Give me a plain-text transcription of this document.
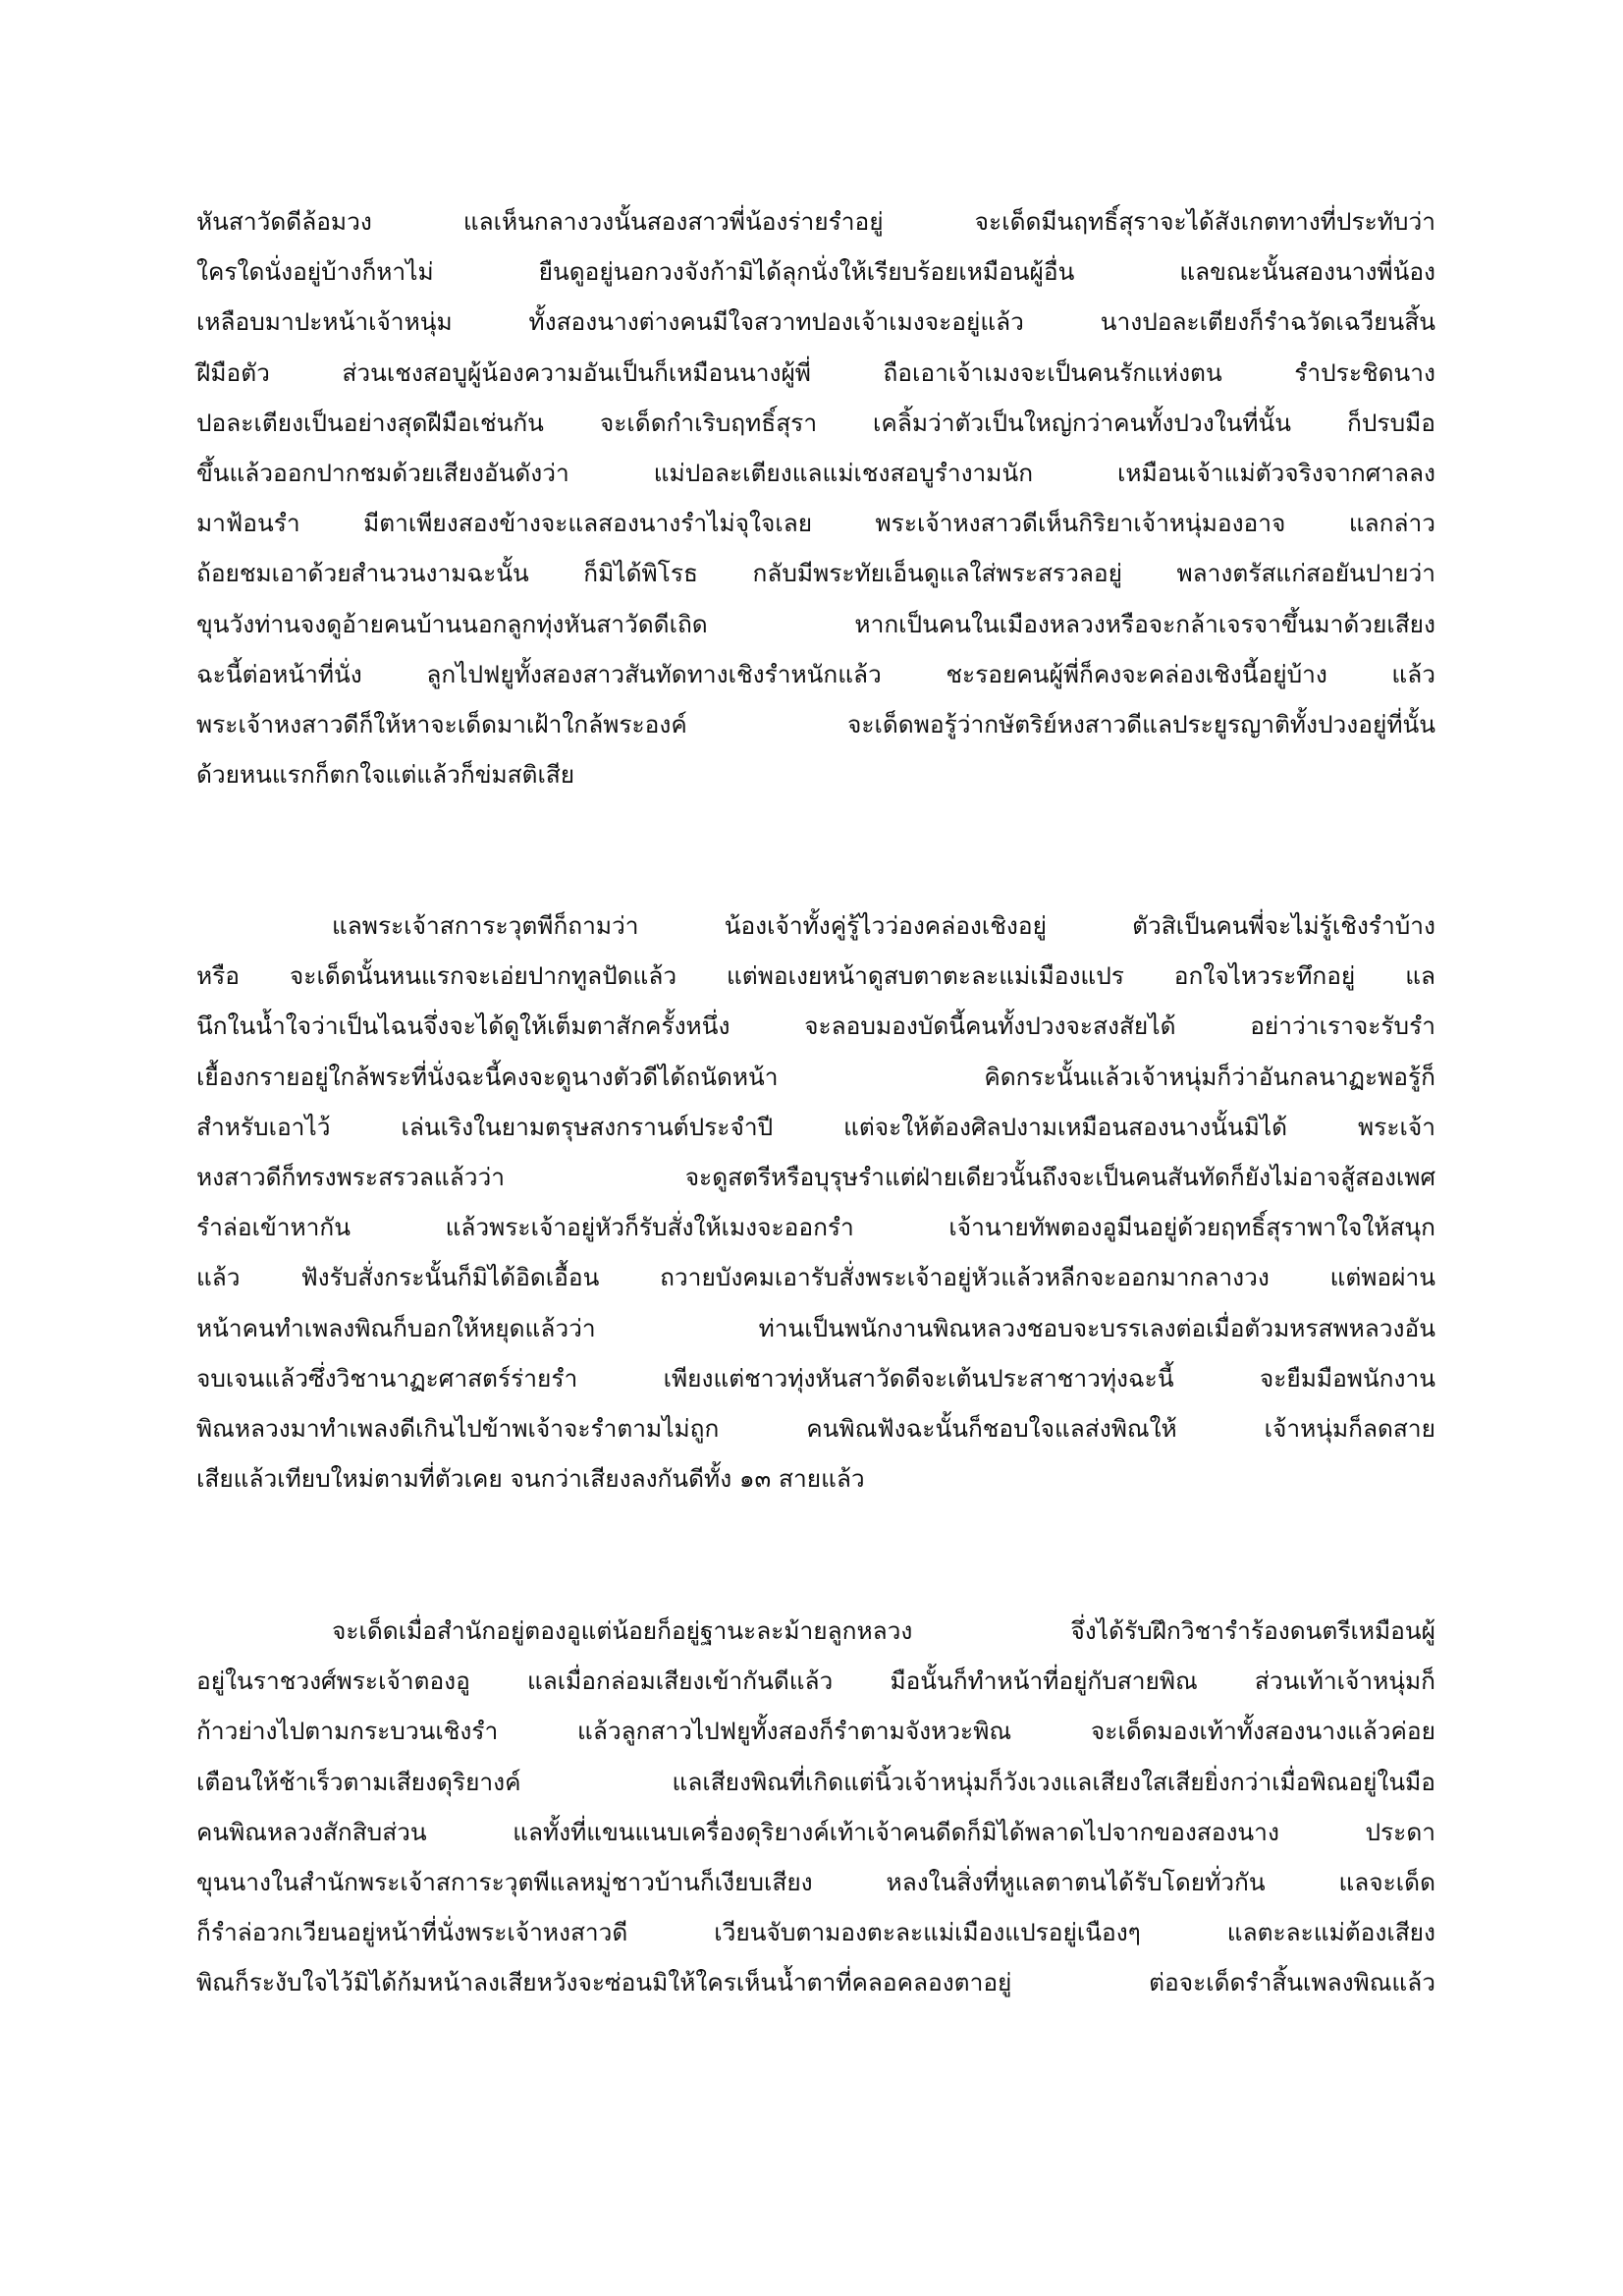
หันสาวัดดีล้อมวง แลเห็นกลางวงนั้นสองสาวพี่น้องร่ายรำอยู่ จะเด็ดมีนฤทธิ์สุราจะได้สังเกตทางที่ประทับว่า
ใครใดนั่งอยู่บ้างก็หาไม่ ยืนดูอยู่นอกวงจังก้ามิได้ลุกนั่งให้เรียบร้อยเหมือนผู้อื่น แลขณะนั้นสองนางพี่น้อง
เหลือบมาปะหน้าเจ้าหนุ่ม ทั้งสองนางต่างคนมีใจสวาทปองเจ้าเมงจะอยู่แล้ว นางปอละเตียงก็รำฉวัดเฉวียนสิ้น
ฝีมือตัว ส่วนเชงสอบูผู้น้องความอันเป็นก็เหมือนนางผู้พี่ ถือเอาเจ้าเมงจะเป็นคนรักแห่งตน รำประชิดนาง
ปอละเตียงเป็นอย่างสุดฝีมือเช่นกัน จะเด็ดกำเริบฤทธิ์สุรา เคลิ้มว่าตัวเป็นใหญ่กว่าคนทั้งปวงในที่นั้น ก็ปรบมือ
ขึ้นแล้วออกปากชมด้วยเสียงอันดังว่า แม่ปอละเตียงแลแม่เชงสอบูรำงามนัก เหมือนเจ้าแม่ตัวจริงจากศาลลง
มาฟ้อนรำ มีตาเพียงสองข้างจะแลสองนางรำไม่จุใจเลย พระเจ้าหงสาวดีเห็นกิริยาเจ้าหนุ่มองอาจ แลกล่าว
ถ้อยชมเอาด้วยสำนวนงามฉะนั้น ก็มิได้พิโรธ กลับมีพระทัยเอ็นดูแลใส่พระสรวลอยู่ พลางตรัสแก่สอยันปายว่า
ขุนวังท่านจงดูอ้ายคนบ้านนอกลูกทุ่งหันสาวัดดีเถิด หากเป็นคนในเมืองหลวงหรือจะกล้าเจรจาขึ้นมาด้วยเสียง
ฉะนี้ต่อหน้าที่นั่ง ลูกไปฟยูทั้งสองสาวสันทัดทางเชิงรำหนักแล้ว ชะรอยคนผู้พี่ก็คงจะคล่องเชิงนี้อยู่บ้าง แล้ว
พระเจ้าหงสาวดีก็ให้หาจะเด็ดมาเฝ้าใกล้พระองค์ จะเด็ดพอรู้ว่ากษัตริย์หงสาวดีแลประยูรญาติทั้งปวงอยู่ที่นั้น
ด้วยหนแรกก็ตกใจแต่แล้วก็ข่มสติเสีย
แลพระเจ้าสการะวุตพีก็ถามว่า น้องเจ้าทั้งคู่รู้ไวว่องคล่องเชิงอยู่ ตัวสิเป็นคนพี่จะไม่รู้เชิงรำบ้าง
หรือ จะเด็ดนั้นหนแรกจะเอ่ยปากทูลปัดแล้ว แต่พอเงยหน้าดูสบตาตะละแม่เมืองแปร อกใจไหวระทึกอยู่ แล
นึกในน้ำใจว่าเป็นไฉนจึ่งจะได้ดูให้เต็มตาสักครั้งหนึ่ง จะลอบมองบัดนี้คนทั้งปวงจะสงสัยได้ อย่าว่าเราจะรับรำ
เยื้องกรายอยู่ใกล้พระที่นั่งฉะนี้คงจะดูนางตัวดีได้ถนัดหน้า คิดกระนั้นแล้วเจ้าหนุ่มก็ว่าอันกลนาฏะพอรู้ก็
สำหรับเอาไว้ เล่นเริงในยามตรุษสงกรานต์ประจำปี แต่จะให้ต้องศิลปงามเหมือนสองนางนั้นมิได้ พระเจ้า
หงสาวดีก็ทรงพระสรวลแล้วว่า จะดูสตรีหรือบุรุษรำแต่ฝ่ายเดียวนั้นถึงจะเป็นคนสันทัดก็ยังไม่อาจสู้สองเพศ
รำล่อเข้าหากัน แล้วพระเจ้าอยู่หัวก็รับสั่งให้เมงจะออกรำ เจ้านายทัพตองอูมีนอยู่ด้วยฤทธิ์สุราพาใจให้สนุก
แล้ว ฟังรับสั่งกระนั้นก็มิได้อิดเอื้อน ถวายบังคมเอารับสั่งพระเจ้าอยู่หัวแล้วหลีกจะออกมากลางวง แต่พอผ่าน
หน้าคนทำเพลงพิณก็บอกให้หยุดแล้วว่า ท่านเป็นพนักงานพิณหลวงชอบจะบรรเลงต่อเมื่อตัวมหรสพหลวงอัน
จบเจนแล้วซึ่งวิชานาฏะศาสตร์ร่ายรำ เพียงแต่ชาวทุ่งหันสาวัดดีจะเต้นประสาชาวทุ่งฉะนี้ จะยืมมือพนักงาน
พิณหลวงมาทำเพลงดีเกินไปข้าพเจ้าจะรำตามไม่ถูก คนพิณฟังฉะนั้นก็ชอบใจแลส่งพิณให้ เจ้าหนุ่มก็ลดสาย
เสียแล้วเทียบใหม่ตามที่ตัวเคย จนกว่าเสียงลงกันดีทั้ง ๑๓ สายแล้ว
จะเด็ดเมื่อสำนักอยู่ตองอูแต่น้อยก็อยู่ฐานะละม้ายลูกหลวง จึ่งได้รับฝึกวิชารำร้องดนตรีเหมือนผู้
อยู่ในราชวงศ์พระเจ้าตองอู แลเมื่อกล่อมเสียงเข้ากันดีแล้ว มือนั้นก็ทำหน้าที่อยู่กับสายพิณ ส่วนเท้าเจ้าหนุ่มก็
ก้าวย่างไปตามกระบวนเชิงรำ แล้วลูกสาวไปฟยูทั้งสองก็รำตามจังหวะพิณ จะเด็ดมองเท้าทั้งสองนางแล้วค่อย
เตือนให้ช้าเร็วตามเสียงดุริยางค์ แลเสียงพิณที่เกิดแต่นิ้วเจ้าหนุ่มก็วังเวงแลเสียงใสเสียยิ่งกว่าเมื่อพิณอยู่ในมือ
คนพิณหลวงสักสิบส่วน แลทั้งที่แขนแนบเครื่องดุริยางค์เท้าเจ้าคนดีดก็มิได้พลาดไปจากของสองนาง ประดา
ขุนนางในสำนักพระเจ้าสการะวุตพีแลหมู่ชาวบ้านก็เงียบเสียง หลงในสิ่งที่หูแลตาตนได้รับโดยทั่วกัน แลจะเด็ด
ก็รำล่อวกเวียนอยู่หน้าที่นั่งพระเจ้าหงสาวดี เวียนจับตามองตะละแม่เมืองแปรอยู่เนืองๆ แลตะละแม่ต้องเสียง
พิณก็ระงับใจไว้มิได้ก้มหน้าลงเสียหวังจะซ่อนมิให้ใครเห็นน้ำตาที่คลอคลองตาอยู่ ต่อจะเด็ดรำสิ้นเพลงพิณแล้ว
